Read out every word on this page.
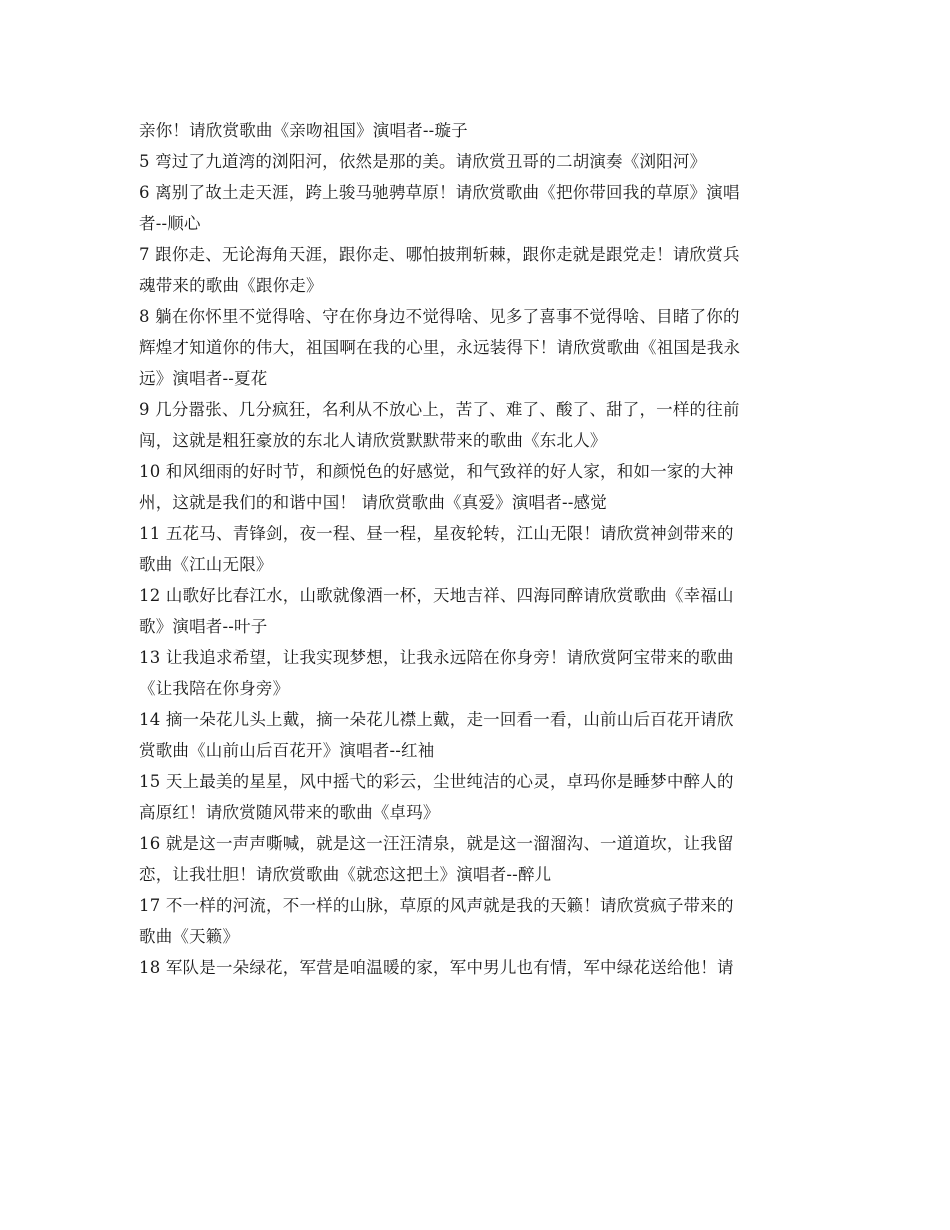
亲你！请欣赏歌曲《亲吻祖国》演唱者--璇子
5 弯过了九道湾的浏阳河，依然是那的美。请欣赏丑哥的二胡演奏《浏阳河》
6 离别了故土走天涯，跨上骏马驰骋草原！请欣赏歌曲《把你带回我的草原》演唱
者--顺心
7 跟你走、无论海角天涯，跟你走、哪怕披荆斩棘，跟你走就是跟党走！请欣赏兵
魂带来的歌曲《跟你走》
8 躺在你怀里不觉得啥、守在你身边不觉得啥、见多了喜事不觉得啥、目睹了你的
辉煌才知道你的伟大，祖国啊在我的心里，永远装得下！请欣赏歌曲《祖国是我永
远》演唱者--夏花
9 几分嚣张、几分疯狂，名利从不放心上，苦了、难了、酸了、甜了，一样的往前
闯，这就是粗狂豪放的东北人请欣赏默默带来的歌曲《东北人》
10 和风细雨的好时节，和颜悦色的好感觉，和气致祥的好人家，和如一家的大神
州，这就是我们的和谐中国！ 请欣赏歌曲《真爱》演唱者--感觉
11 五花马、青锋剑，夜一程、昼一程，星夜轮转，江山无限！请欣赏神剑带来的
歌曲《江山无限》
12 山歌好比春江水，山歌就像酒一杯，天地吉祥、四海同醉请欣赏歌曲《幸福山
歌》演唱者--叶子
13 让我追求希望，让我实现梦想，让我永远陪在你身旁！请欣赏阿宝带来的歌曲
《让我陪在你身旁》
14 摘一朵花儿头上戴，摘一朵花儿襟上戴，走一回看一看，山前山后百花开请欣
赏歌曲《山前山后百花开》演唱者--红袖
15 天上最美的星星，风中摇弋的彩云，尘世纯洁的心灵，卓玛你是睡梦中醉人的
高原红！请欣赏随风带来的歌曲《卓玛》
16 就是这一声声嘶喊，就是这一汪汪清泉，就是这一溜溜沟、一道道坎，让我留
恋，让我壮胆！请欣赏歌曲《就恋这把土》演唱者--醉儿
17 不一样的河流，不一样的山脉，草原的风声就是我的天籁！请欣赏疯子带来的
歌曲《天籁》
18 军队是一朵绿花，军营是咱温暖的家，军中男儿也有情，军中绿花送给他！请
